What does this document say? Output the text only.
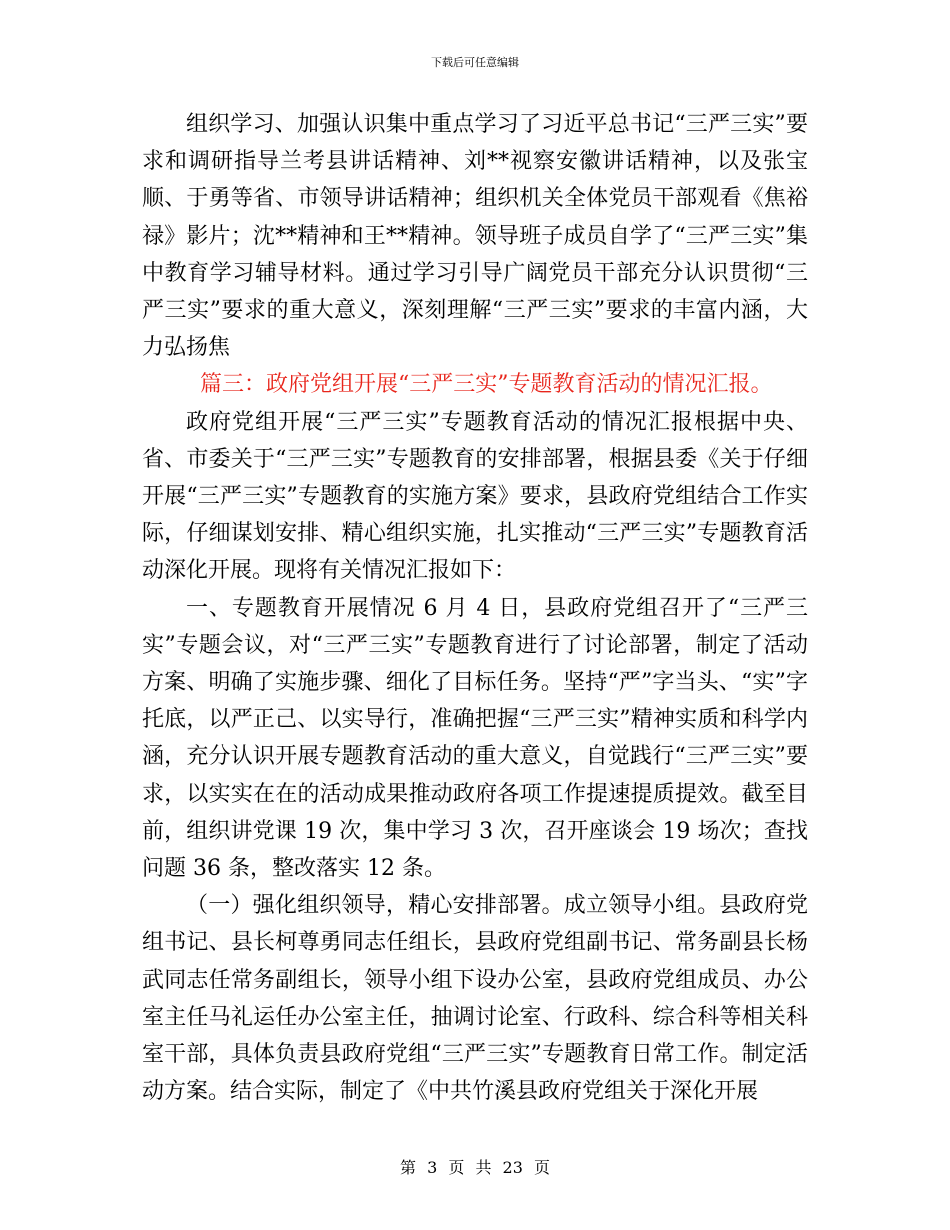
下载后可任意编辑

组织学习、加强认识集中重点学习了习近平总书记“三严三实”要求和调研指导兰考县讲话精神、刘**视察安徽讲话精神，以及张宝顺、于勇等省、市领导讲话精神；组织机关全体党员干部观看《焦裕禄》影片；沈**精神和王**精神。领导班子成员自学了“三严三实”集中教育学习辅导材料。通过学习引导广阔党员干部充分认识贯彻“三严三实”要求的重大意义，深刻理解“三严三实”要求的丰富内涵，大力弘扬焦

篇三：政府党组开展“三严三实”专题教育活动的情况汇报。

政府党组开展“三严三实”专题教育活动的情况汇报根据中央、省、市委关于“三严三实”专题教育的安排部署，根据县委《关于仔细开展“三严三实”专题教育的实施方案》要求，县政府党组结合工作实际，仔细谋划安排、精心组织实施，扎实推动“三严三实”专题教育活动深化开展。现将有关情况汇报如下：

一、专题教育开展情况 6 月 4 日，县政府党组召开了“三严三实”专题会议，对“三严三实”专题教育进行了讨论部署，制定了活动方案、明确了实施步骤、细化了目标任务。坚持“严”字当头、“实”字托底，以严正己、以实导行，准确把握“三严三实”精神实质和科学内涵，充分认识开展专题教育活动的重大意义，自觉践行“三严三实”要求，以实实在在的活动成果推动政府各项工作提速提质提效。截至目前，组织讲党课 19 次，集中学习 3 次，召开座谈会 19 场次；查找问题 36 条，整改落实 12 条。

（一）强化组织领导，精心安排部署。成立领导小组。县政府党组书记、县长柯尊勇同志任组长，县政府党组副书记、常务副县长杨武同志任常务副组长，领导小组下设办公室，县政府党组成员、办公室主任马礼运任办公室主任，抽调讨论室、行政科、综合科等相关科室干部，具体负责县政府党组“三严三实”专题教育日常工作。制定活动方案。结合实际，制定了《中共竹溪县政府党组关于深化开展

第 3 页 共 23 页
